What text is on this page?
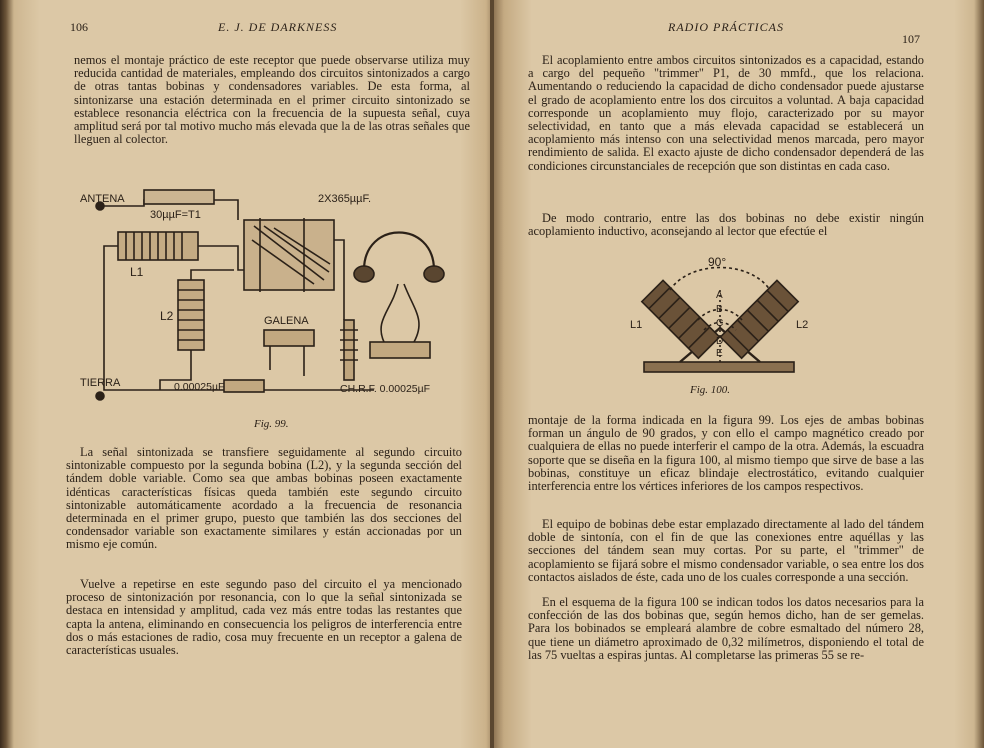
106	E. J. DE DARKNESS
nemos el montaje práctico de este receptor que puede observarse utiliza muy reducida cantidad de materiales, empleando dos circuitos sintonizados a cargo de otras tantas bobinas y condensadores variables. De esta forma, al sintonizarse una estación determinada en el primer circuito sintonizado se establece resonancia eléctrica con la frecuencia de la supuesta señal, cuya amplitud será por tal motivo mucho más elevada que la de las otras señales que lleguen al colector.
ANTENA
30µµF=T1
2X365µµF.
L1
L2	GALENA
TIERRA	0.00025µF	CH.R.F. 0.00025µF
Fig. 99.
La señal sintonizada se transfiere seguidamente al segundo circuito sintonizable compuesto por la segunda bobina (L2), y la segunda sección del tándem doble variable. Como sea que ambas bobinas poseen exactamente idénticas características físicas queda también este segundo circuito sintonizable automáticamente acordado a la frecuencia de resonancia determinada en el primer grupo, puesto que también las dos secciones del condensador variable son exactamente similares y están accionadas por un mismo eje común.
Vuelve a repetirse en este segundo paso del circuito el ya mencionado proceso de sintonización por resonancia, con lo que la señal sintonizada se destaca en intensidad y amplitud, cada vez más entre todas las restantes que capta la antena, eliminando en consecuencia los peligros de interferencia entre dos o más estaciones de radio, cosa muy frecuente en un receptor a galena de características usuales.
RADIO PRÁCTICAS
107
El acoplamiento entre ambos circuitos sintonizados es a capacidad, estando a cargo del pequeño "trimmer" P1, de 30 mmfd., que los relaciona. Aumentando o reduciendo la capacidad de dicho condensador puede ajustarse el grado de acoplamiento entre los dos circuitos a voluntad. A baja capacidad corresponde un acoplamiento muy flojo, caracterizado por su mayor selectividad, en tanto que a más elevada capacidad se establecerá un acoplamiento más intenso con una selectividad menos marcada, pero mayor rendimiento de salida. El exacto ajuste de dicho condensador dependerá de las condiciones circunstanciales de recepción que son distintas en cada caso.
De modo contrario, entre las dos bobinas no debe existir ningún acoplamiento inductivo, aconsejando al lector que efectúe el
90°
L1	L2
A
B
C
D
E
Fig. 100.
montaje de la forma indicada en la figura 99. Los ejes de ambas bobinas forman un ángulo de 90 grados, y con ello el campo magnético creado por cualquiera de ellas no puede interferir el campo de la otra. Además, la escuadra soporte que se diseña en la figura 100, al mismo tiempo que sirve de base a las bobinas, constituye un eficaz blindaje electrostático, evitando cualquier interferencia entre los vértices inferiores de los campos respectivos.
El equipo de bobinas debe estar emplazado directamente al lado del tándem doble de sintonía, con el fin de que las conexiones entre aquéllas y las secciones del tándem sean muy cortas. Por su parte, el "trimmer" de acoplamiento se fijará sobre el mismo condensador variable, o sea entre los dos contactos aislados de éste, cada uno de los cuales corresponde a una sección.
En el esquema de la figura 100 se indican todos los datos necesarios para la confección de las dos bobinas que, según hemos dicho, han de ser gemelas. Para los bobinados se empleará alambre de cobre esmaltado del número 28, que tiene un diámetro aproximado de 0,32 milímetros, disponiendo el total de las 75 vueltas a espiras juntas. Al completarse las primeras 55 se re-
